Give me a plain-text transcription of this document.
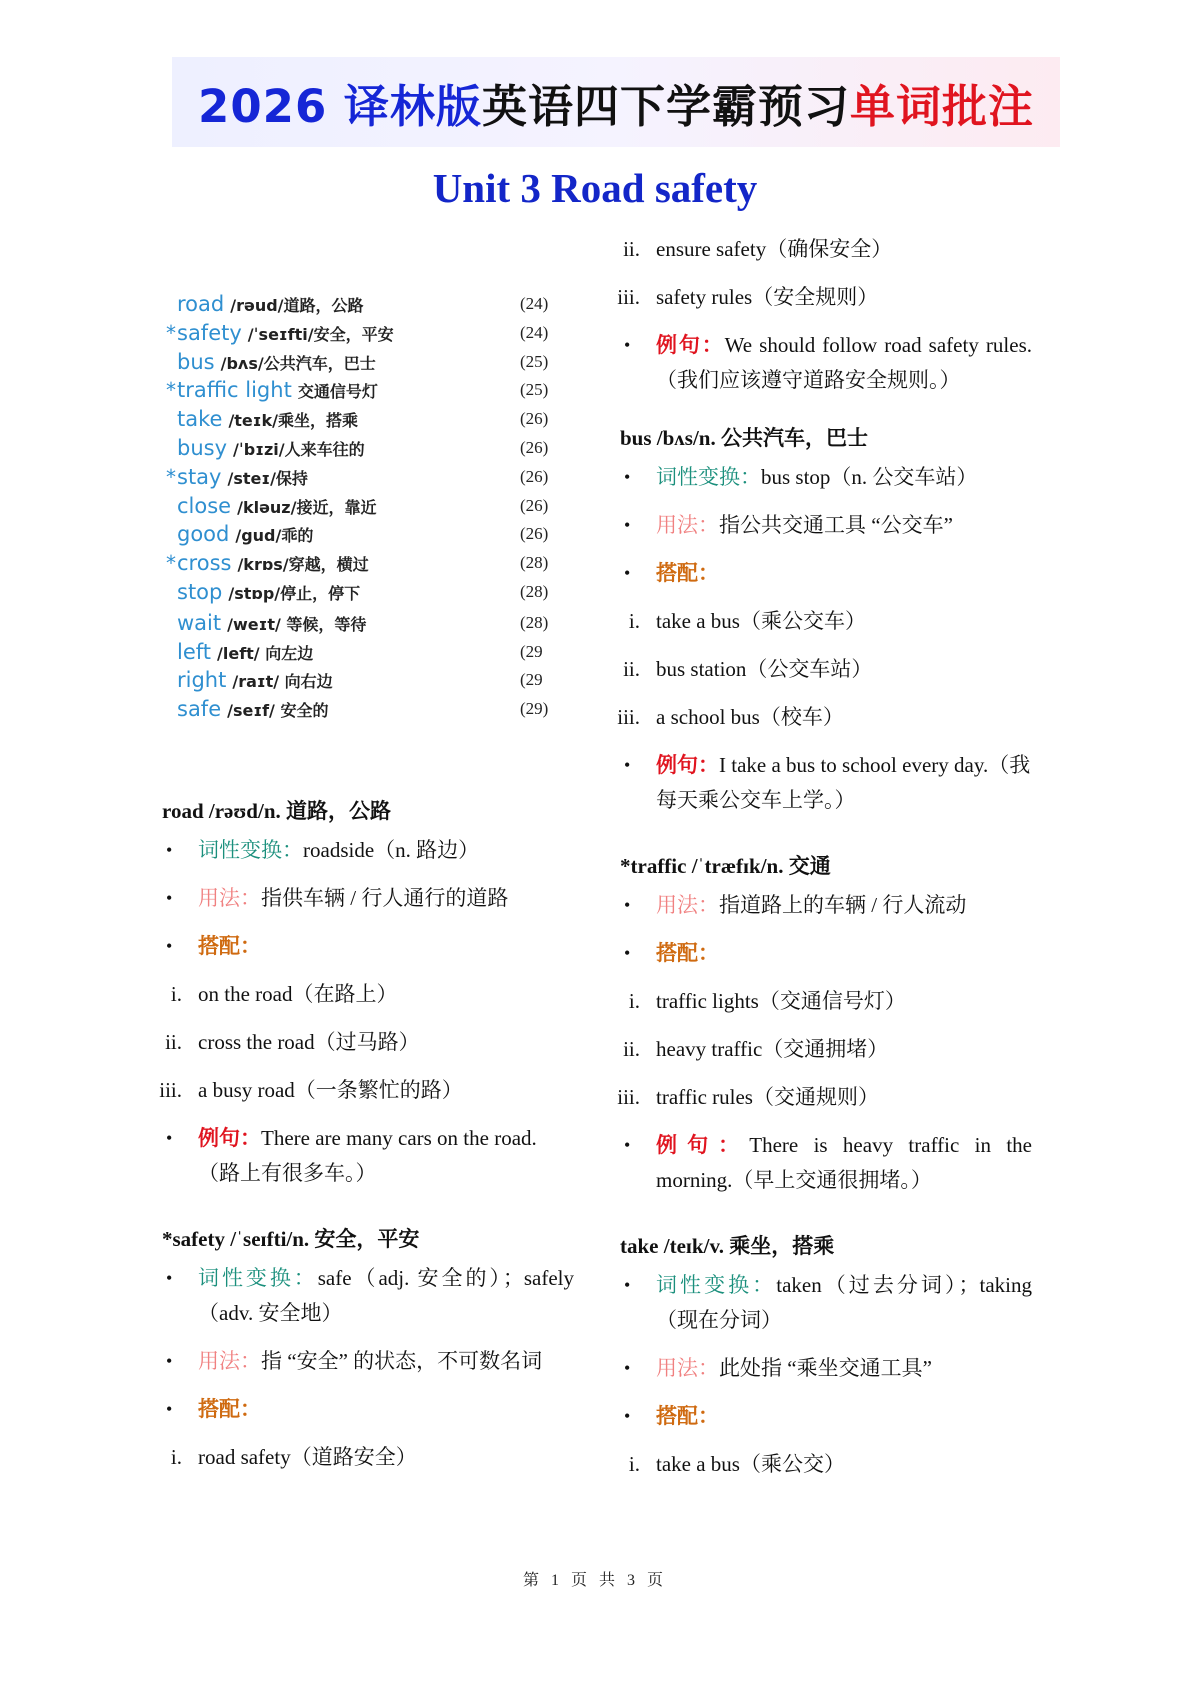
2026 译林版 英语四下学霸预习 单词批注
Unit 3 Road safety
road /rəud/道路，公路	(24)
* safety /ˈseɪfti/安全，平安	(24)
bus /bʌs/公共汽车，巴士	(25)
* traffic light 交通信号灯	(25)
take /teɪk/乘坐，搭乘	(26)
busy /ˈbɪzi/人来车往的	(26)
* stay /steɪ/保持	(26)
close /kləuz/接近，靠近	(26)
good /gud/乖的	(26)
* cross /krɒs/穿越，横过	(28)
stop /stɒp/停止，停下	(28)
wait /weɪt/ 等候，等待	(28)
left /left/ 向左边	(29
right /raɪt/ 向右边	(29
safe /seɪf/ 安全的	(29)
road /rəʊd/n. 道路，公路
• 词性变换：roadside（n. 路边）
• 用法：指供车辆 / 行人通行的道路
• 搭配：
i. on the road（在路上）
ii. cross the road（过马路）
iii. a busy road（一条繁忙的路）
• 例句：There are many cars on the road.（路上有很多车。）
*safety /ˈseɪfti/n. 安全，平安
• 词性变换：safe（adj. 安全的）；safely（adv. 安全地）
• 用法：指 “安全” 的状态，不可数名词
• 搭配：
i. road safety（道路安全）
ii. ensure safety（确保安全）
iii. safety rules（安全规则）
• 例句：We should follow road safety rules.（我们应该遵守道路安全规则。）
bus /bʌs/n. 公共汽车，巴士
• 词性变换：bus stop（n. 公交车站）
• 用法：指公共交通工具 “公交车”
• 搭配：
i. take a bus（乘公交车）
ii. bus station（公交车站）
iii. a school bus（校车）
• 例句：I take a bus to school every day.（我每天乘公交车上学。）
*traffic /ˈtræfɪk/n. 交通
• 用法：指道路上的车辆 / 行人流动
• 搭配：
i. traffic lights（交通信号灯）
ii. heavy traffic（交通拥堵）
iii. traffic rules（交通规则）
• 例句：There is heavy traffic in the morning.（早上交通很拥堵。）
take /teɪk/v. 乘坐，搭乘
• 词性变换：taken（过去分词）；taking（现在分词）
• 用法：此处指 “乘坐交通工具”
• 搭配：
i. take a bus（乘公交）
第 1 页 共 3 页
